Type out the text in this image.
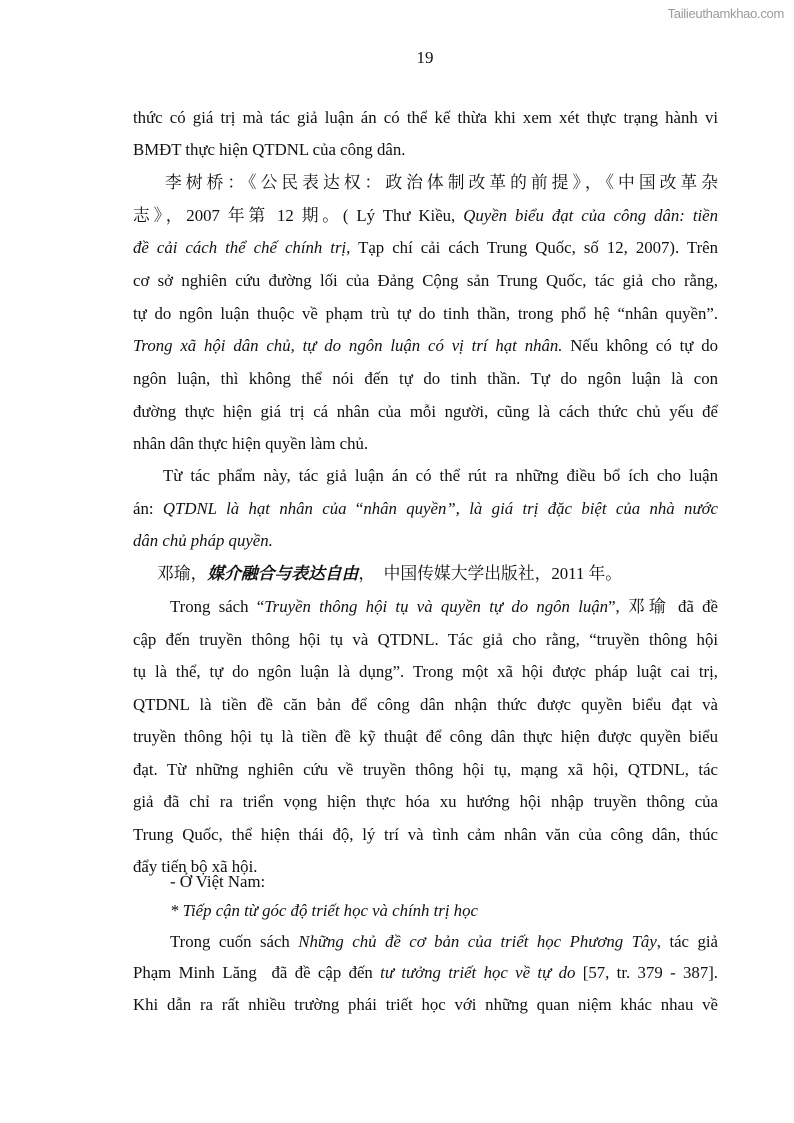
Tailieuthamkhao.com
19
thức có giá trị mà tác giả luận án có thể kế thừa khi xem xét thực trạng hành vi
BMĐT thực hiện QTDNL của công dân.
李树桥：《公民表达权：政治体制改革的前提》，《中国改革杂
志》，2007 年第 12 期。( Lý Thư Kiều, Quyền biểu đạt của công dân: tiền
đề cải cách thể chế chính trị, Tạp chí cải cách Trung Quốc, số 12, 2007). Trên
cơ sở nghiên cứu đường lối của Đảng Cộng sản Trung Quốc, tác giả cho rằng,
tự do ngôn luận thuộc về phạm trù tự do tinh thần, trong phổ hệ “nhân quyền”.
Trong xã hội dân chủ, tự do ngôn luận có vị trí hạt nhân. Nếu không có tự do
ngôn luận, thì không thể nói đến tự do tinh thần. Tự do ngôn luận là con
đường thực hiện giá trị cá nhân của mỗi người, cũng là cách thức chủ yếu để
nhân dân thực hiện quyền làm chủ.
Từ tác phẩm này, tác giả luận án có thể rút ra những điều bổ ích cho luận
án: QTDNL là hạt nhân của “nhân quyền”, là giá trị đặc biệt của nhà nước
dân chủ pháp quyền.
邓瑜，媒介融合与表达自由，  中国传媒大学出版社，2011 年。
Trong sách “Truyền thông hội tụ và quyền tự do ngôn luận”, 邓瑜 đã đề
cập đến truyền thông hội tụ và QTDNL. Tác giả cho rằng, “truyền thông hội
tụ là thể, tự do ngôn luận là dụng”. Trong một xã hội được pháp luật cai trị,
QTDNL là tiền đề căn bản để công dân nhận thức được quyền biểu đạt và
truyền thông hội tụ là tiền đề kỹ thuật để công dân thực hiện được quyền biểu
đạt. Từ những nghiên cứu về truyền thông hội tụ, mạng xã hội, QTDNL, tác
giả đã chỉ ra triển vọng hiện thực hóa xu hướng hội nhập truyền thông của
Trung Quốc, thể hiện thái độ, lý trí và tình cảm nhân văn của công dân, thúc
đẩy tiến bộ xã hội.
- Ở Việt Nam:
* Tiếp cận từ góc độ triết học và chính trị học
Trong cuốn sách Những chủ đề cơ bản của triết học Phương Tây, tác giả
Phạm Minh Lăng  đã đề cập đến tư tưởng triết học về tự do [57, tr. 379 - 387].
Khi dẫn ra rất nhiều trường phái triết học với những quan niệm khác nhau về
